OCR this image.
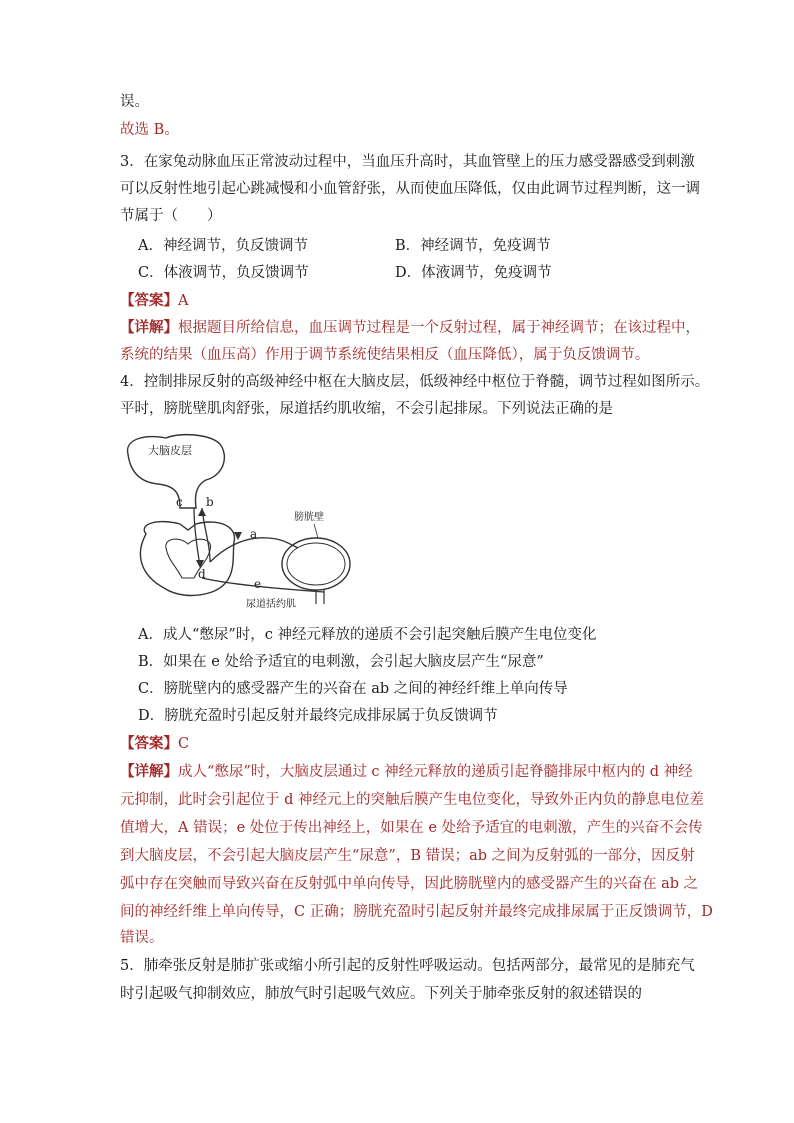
误。
故选 B。
3．在家兔动脉血压正常波动过程中，当血压升高时，其血管壁上的压力感受器感受到刺激
可以反射性地引起心跳减慢和小血管舒张，从而使血压降低，仅由此调节过程判断，这一调
节属于（　　）
A．神经调节，负反馈调节	B．神经调节，免疫调节
C．体液调节，负反馈调节	D．体液调节，免疫调节
【答案】A
【详解】根据题目所给信息，血压调节过程是一个反射过程，属于神经调节；在该过程中，
系统的结果（血压高）作用于调节系统使结果相反（血压降低），属于负反馈调节。
4．控制排尿反射的高级神经中枢在大脑皮层，低级神经中枢位于脊髓，调节过程如图所示。
平时，膀胱壁肌肉舒张，尿道括约肌收缩，不会引起排尿。下列说法正确的是
大脑皮层
c b
d
a
e
膀胱壁
尿道括约肌
A．成人“憋尿”时，c 神经元释放的递质不会引起突触后膜产生电位变化
B．如果在 e 处给予适宜的电刺激，会引起大脑皮层产生“尿意”
C．膀胱壁内的感受器产生的兴奋在 ab 之间的神经纤维上单向传导
D．膀胱充盈时引起反射并最终完成排尿属于负反馈调节
【答案】C
【详解】成人“憋尿”时，大脑皮层通过 c 神经元释放的递质引起脊髓排尿中枢内的 d 神经
元抑制，此时会引起位于 d 神经元上的突触后膜产生电位变化，导致外正内负的静息电位差
值增大，A 错误；e 处位于传出神经上，如果在 e 处给予适宜的电刺激，产生的兴奋不会传
到大脑皮层，不会引起大脑皮层产生“尿意”，B 错误；ab 之间为反射弧的一部分，因反射
弧中存在突触而导致兴奋在反射弧中单向传导，因此膀胱壁内的感受器产生的兴奋在 ab 之
间的神经纤维上单向传导，C 正确；膀胱充盈时引起反射并最终完成排尿属于正反馈调节，D
错误。
5．肺牵张反射是肺扩张或缩小所引起的反射性呼吸运动。包括两部分，最常见的是肺充气
时引起吸气抑制效应，肺放气时引起吸气效应。下列关于肺牵张反射的叙述错误的
